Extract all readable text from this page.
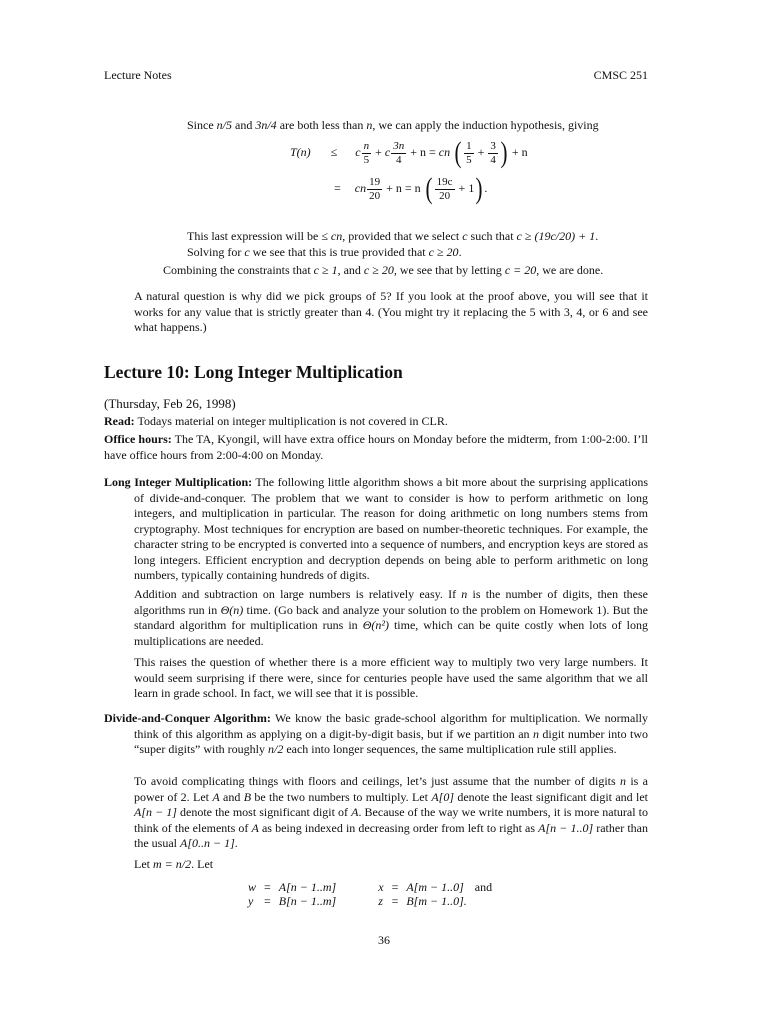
Lecture Notes	CMSC 251

Since n/5 and 3n/4 are both less than n, we can apply the induction hypothesis, giving

T(n) ≤ c $\frac{n}{5} + c \frac{3n}{4} + n$ = cn ( $\frac{1}{5} + \frac{3}{4}$ ) + n
= cn $\frac{19}{20} + n = n$ ( $\frac{19c}{20} + 1$) .

This last expression will be ≤ cn, provided that we select c such that c ≥ (19c/20) + 1.

Solving for c we see that this is true provided that c ≥ 20.

Combining the constraints that c ≥ 1, and c ≥ 20, we see that by letting c = 20, we are done.

A natural question is why did we pick groups of 5? If you look at the proof above, you will see that it works for any value that is strictly greater than 4. (You might try it replacing the 5 with 3, 4, or 6 and see what happens.)

Lecture 10: Long Integer Multiplication
(Thursday, Feb 26, 1998)

Read: Todays material on integer multiplication is not covered in CLR.

Office hours: The TA, Kyongil, will have extra office hours on Monday before the midterm, from 1:00-2:00. I’ll have office hours from 2:00-4:00 on Monday.

Long Integer Multiplication: The following little algorithm shows a bit more about the surprising applications of divide-and-conquer. The problem that we want to consider is how to perform arithmetic on long integers, and multiplication in particular. The reason for doing arithmetic on long numbers stems from cryptography. Most techniques for encryption are based on number-theoretic techniques. For example, the character string to be encrypted is converted into a sequence of numbers, and encryption keys are stored as long integers. Efficient encryption and decryption depends on being able to perform arithmetic on long numbers, typically containing hundreds of digits.

Addition and subtraction on large numbers is relatively easy. If n is the number of digits, then these algorithms run in Θ(n) time. (Go back and analyze your solution to the problem on Homework 1). But the standard algorithm for multiplication runs in Θ(n²) time, which can be quite costly when lots of long multiplications are needed.

This raises the question of whether there is a more efficient way to multiply two very large numbers. It would seem surprising if there were, since for centuries people have used the same algorithm that we all learn in grade school. In fact, we will see that it is possible.

Divide-and-Conquer Algorithm: We know the basic grade-school algorithm for multiplication. We normally think of this algorithm as applying on a digit-by-digit basis, but if we partition an n digit number into two “super digits” with roughly n/2 each into longer sequences, the same multiplication rule still applies.

To avoid complicating things with floors and ceilings, let’s just assume that the number of digits n is a power of 2. Let A and B be the two numbers to multiply. Let A[0] denote the least significant digit and let A[n − 1] denote the most significant digit of A. Because of the way we write numbers, it is more natural to think of the elements of A as being indexed in decreasing order from left to right as A[n − 1..0] rather than the usual A[0..n − 1].

Let m = n/2. Let

w	=	A[n − 1..m]		x	=	A[m − 1..0]	and
y	=	B[n − 1..m]		z	=	B[m − 1..0].	
36
